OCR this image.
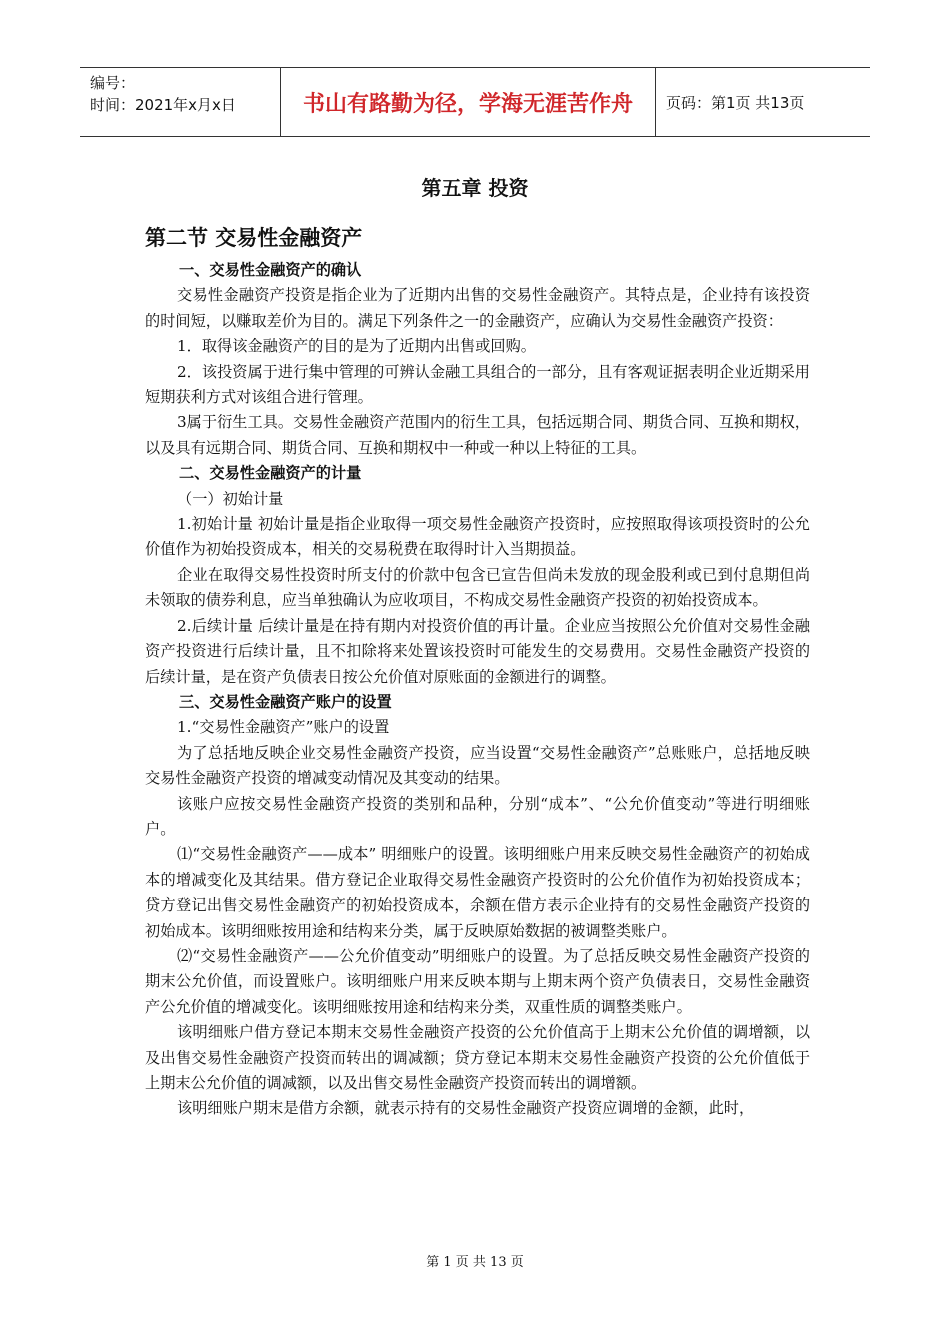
编号：
时间：2021年x月x日	书山有路勤为径，学海无涯苦作舟	页码：第1页 共13页
第五章 投资
第二节 交易性金融资产

一、交易性金融资产的确认

交易性金融资产投资是指企业为了近期内出售的交易性金融资产。其特点是，企业持有该投资的时间短，以赚取差价为目的。满足下列条件之一的金融资产，应确认为交易性金融资产投资：

1．取得该金融资产的目的是为了近期内出售或回购。

2．该投资属于进行集中管理的可辨认金融工具组合的一部分，且有客观证据表明企业近期采用短期获利方式对该组合进行管理。

3属于衍生工具。交易性金融资产范围内的衍生工具，包括远期合同、期货合同、互换和期权，以及具有远期合同、期货合同、互换和期权中一种或一种以上特征的工具。

二、交易性金融资产的计量

（一）初始计量

1.初始计量 初始计量是指企业取得一项交易性金融资产投资时，应按照取得该项投资时的公允价值作为初始投资成本，相关的交易税费在取得时计入当期损益。

企业在取得交易性投资时所支付的价款中包含已宣告但尚未发放的现金股利或已到付息期但尚未领取的债券利息，应当单独确认为应收项目，不构成交易性金融资产投资的初始投资成本。

2.后续计量 后续计量是在持有期内对投资价值的再计量。企业应当按照公允价值对交易性金融资产投资进行后续计量，且不扣除将来处置该投资时可能发生的交易费用。交易性金融资产投资的后续计量，是在资产负债表日按公允价值对原账面的金额进行的调整。

三、交易性金融资产账户的设置

1.“交易性金融资产”账户的设置

为了总括地反映企业交易性金融资产投资，应当设置“交易性金融资产”总账账户，总括地反映交易性金融资产投资的增减变动情况及其变动的结果。

该账户应按交易性金融资产投资的类别和品种，分别“成本”、“公允价值变动”等进行明细账户。

⑴“交易性金融资产——成本” 明细账户的设置。该明细账户用来反映交易性金融资产的初始成本的增减变化及其结果。借方登记企业取得交易性金融资产投资时的公允价值作为初始投资成本；贷方登记出售交易性金融资产的初始投资成本，余额在借方表示企业持有的交易性金融资产投资的初始成本。该明细账按用途和结构来分类，属于反映原始数据的被调整类账户。

⑵“交易性金融资产——公允价值变动”明细账户的设置。为了总括反映交易性金融资产投资的期末公允价值，而设置账户。该明细账户用来反映本期与上期末两个资产负债表日，交易性金融资产公允价值的增减变化。该明细账按用途和结构来分类，双重性质的调整类账户。

该明细账户借方登记本期末交易性金融资产投资的公允价值高于上期末公允价值的调增额，以及出售交易性金融资产投资而转出的调减额；贷方登记本期末交易性金融资产投资的公允价值低于上期末公允价值的调减额，以及出售交易性金融资产投资而转出的调增额。

该明细账户期末是借方余额，就表示持有的交易性金融资产投资应调增的金额，此时，

第 1 页 共 13 页
